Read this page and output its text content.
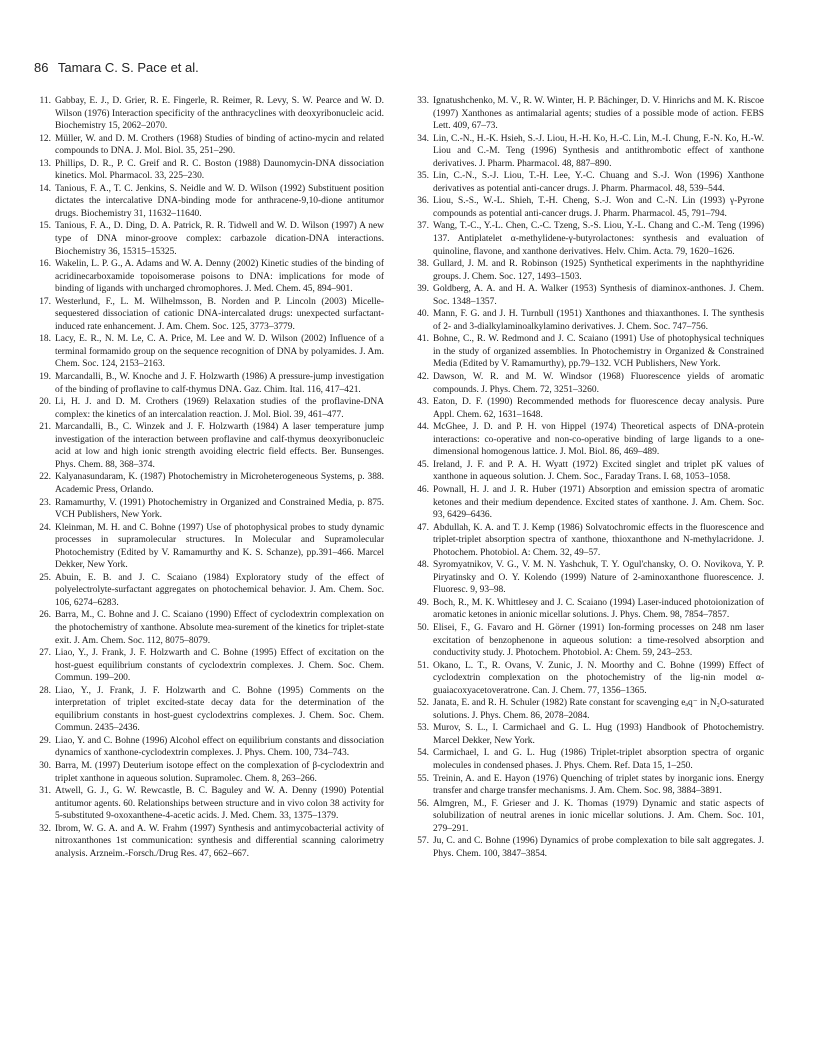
86 Tamara C. S. Pace et al.
11. Gabbay, E. J., D. Grier, R. E. Fingerle, R. Reimer, R. Levy, S. W. Pearce and W. D. Wilson (1976) Interaction specificity of the anthracyclines with deoxyribonucleic acid. Biochemistry 15, 2062–2070.
12. Müller, W. and D. M. Crothers (1968) Studies of binding of actino-mycin and related compounds to DNA. J. Mol. Biol. 35, 251–290.
13. Phillips, D. R., P. C. Greif and R. C. Boston (1988) Daunomycin-DNA dissociation kinetics. Mol. Pharmacol. 33, 225–230.
14. Tanious, F. A., T. C. Jenkins, S. Neidle and W. D. Wilson (1992) Substituent position dictates the intercalative DNA-binding mode for anthracene-9,10-dione antitumor drugs. Biochemistry 31, 11632–11640.
15. Tanious, F. A., D. Ding, D. A. Patrick, R. R. Tidwell and W. D. Wilson (1997) A new type of DNA minor-groove complex: carbazole dication-DNA interactions. Biochemistry 36, 15315–15325.
16. Wakelin, L. P. G., A. Adams and W. A. Denny (2002) Kinetic studies of the binding of acridinecarboxamide topoisomerase poisons to DNA: implications for mode of binding of ligands with uncharged chromophores. J. Med. Chem. 45, 894–901.
17. Westerlund, F., L. M. Wilhelmsson, B. Norden and P. Lincoln (2003) Micelle-sequestered dissociation of cationic DNA-intercalated drugs: unexpected surfactant-induced rate enhancement. J. Am. Chem. Soc. 125, 3773–3779.
18. Lacy, E. R., N. M. Le, C. A. Price, M. Lee and W. D. Wilson (2002) Influence of a terminal formamido group on the sequence recognition of DNA by polyamides. J. Am. Chem. Soc. 124, 2153–2163.
19. Marcandalli, B., W. Knoche and J. F. Holzwarth (1986) A pressure-jump investigation of the binding of proflavine to calf-thymus DNA. Gaz. Chim. Ital. 116, 417–421.
20. Li, H. J. and D. M. Crothers (1969) Relaxation studies of the proflavine-DNA complex: the kinetics of an intercalation reaction. J. Mol. Biol. 39, 461–477.
21. Marcandalli, B., C. Winzek and J. F. Holzwarth (1984) A laser temperature jump investigation of the interaction between proflavine and calf-thymus deoxyribonucleic acid at low and high ionic strength avoiding electric field effects. Ber. Bunsenges. Phys. Chem. 88, 368–374.
22. Kalyanasundaram, K. (1987) Photochemistry in Microheterogeneous Systems, p. 388. Academic Press, Orlando.
23. Ramamurthy, V. (1991) Photochemistry in Organized and Constrained Media, p. 875. VCH Publishers, New York.
24. Kleinman, M. H. and C. Bohne (1997) Use of photophysical probes to study dynamic processes in supramolecular structures. In Molecular and Supramolecular Photochemistry (Edited by V. Ramamurthy and K. S. Schanze), pp.391–466. Marcel Dekker, New York.
25. Abuin, E. B. and J. C. Scaiano (1984) Exploratory study of the effect of polyelectrolyte-surfactant aggregates on photochemical behavior. J. Am. Chem. Soc. 106, 6274–6283.
26. Barra, M., C. Bohne and J. C. Scaiano (1990) Effect of cyclodextrin complexation on the photochemistry of xanthone. Absolute mea-surement of the kinetics for triplet-state exit. J. Am. Chem. Soc. 112, 8075–8079.
27. Liao, Y., J. Frank, J. F. Holzwarth and C. Bohne (1995) Effect of excitation on the host-guest equilibrium constants of cyclodextrin complexes. J. Chem. Soc. Chem. Commun. 199–200.
28. Liao, Y., J. Frank, J. F. Holzwarth and C. Bohne (1995) Comments on the interpretation of triplet excited-state decay data for the determination of the equilibrium constants in host-guest cyclodextrins complexes. J. Chem. Soc. Chem. Commun. 2435–2436.
29. Liao, Y. and C. Bohne (1996) Alcohol effect on equilibrium constants and dissociation dynamics of xanthone-cyclodextrin complexes. J. Phys. Chem. 100, 734–743.
30. Barra, M. (1997) Deuterium isotope effect on the complexation of β-cyclodextrin and triplet xanthone in aqueous solution. Supramolec. Chem. 8, 263–266.
31. Atwell, G. J., G. W. Rewcastle, B. C. Baguley and W. A. Denny (1990) Potential antitumor agents. 60. Relationships between structure and in vivo colon 38 activity for 5-substituted 9-oxoxanthene-4-acetic acids. J. Med. Chem. 33, 1375–1379.
32. Ibrom, W. G. A. and A. W. Frahm (1997) Synthesis and antimycobacterial activity of nitroxanthones 1st communication: synthesis and differential scanning calorimetry analysis. Arzneim.-Forsch./Drug Res. 47, 662–667.
33. Ignatushchenko, M. V., R. W. Winter, H. P. Bächinger, D. V. Hinrichs and M. K. Riscoe (1997) Xanthones as antimalarial agents; studies of a possible mode of action. FEBS Lett. 409, 67–73.
34. Lin, C.-N., H.-K. Hsieh, S.-J. Liou, H.-H. Ko, H.-C. Lin, M.-I. Chung, F.-N. Ko, H.-W. Liou and C.-M. Teng (1996) Synthesis and antithrombotic effect of xanthone derivatives. J. Pharm. Pharmacol. 48, 887–890.
35. Lin, C.-N., S.-J. Liou, T.-H. Lee, Y.-C. Chuang and S.-J. Won (1996) Xanthone derivatives as potential anti-cancer drugs. J. Pharm. Pharmacol. 48, 539–544.
36. Liou, S.-S., W.-L. Shieh, T.-H. Cheng, S.-J. Won and C.-N. Lin (1993) γ-Pyrone compounds as potential anti-cancer drugs. J. Pharm. Pharmacol. 45, 791–794.
37. Wang, T.-C., Y.-L. Chen, C.-C. Tzeng, S.-S. Liou, Y.-L. Chang and C.-M. Teng (1996) 137. Antiplatelet α-methylidene-γ-butyrolactones: synthesis and evaluation of quinoline, flavone, and xanthone derivatives. Helv. Chim. Acta. 79, 1620–1626.
38. Gullard, J. M. and R. Robinson (1925) Synthetical experiments in the naphthyridine groups. J. Chem. Soc. 127, 1493–1503.
39. Goldberg, A. A. and H. A. Walker (1953) Synthesis of diaminox-anthones. J. Chem. Soc. 1348–1357.
40. Mann, F. G. and J. H. Turnbull (1951) Xanthones and thiaxanthones. I. The synthesis of 2- and 3-dialkylaminoalkylamino derivatives. J. Chem. Soc. 747–756.
41. Bohne, C., R. W. Redmond and J. C. Scaiano (1991) Use of photophysical techniques in the study of organized assemblies. In Photochemistry in Organized & Constrained Media (Edited by V. Ramamurthy), pp.79–132. VCH Publishers, New York.
42. Dawson, W. R. and M. W. Windsor (1968) Fluorescence yields of aromatic compounds. J. Phys. Chem. 72, 3251–3260.
43. Eaton, D. F. (1990) Recommended methods for fluorescence decay analysis. Pure Appl. Chem. 62, 1631–1648.
44. McGhee, J. D. and P. H. von Hippel (1974) Theoretical aspects of DNA-protein interactions: co-operative and non-co-operative binding of large ligands to a one-dimensional homogenous lattice. J. Mol. Biol. 86, 469–489.
45. Ireland, J. F. and P. A. H. Wyatt (1972) Excited singlet and triplet pK values of xanthone in aqueous solution. J. Chem. Soc., Faraday Trans. I. 68, 1053–1058.
46. Pownall, H. J. and J. R. Huber (1971) Absorption and emission spectra of aromatic ketones and their medium dependence. Excited states of xanthone. J. Am. Chem. Soc. 93, 6429–6436.
47. Abdullah, K. A. and T. J. Kemp (1986) Solvatochromic effects in the fluorescence and triplet-triplet absorption spectra of xanthone, thioxanthone and N-methylacridone. J. Photochem. Photobiol. A: Chem. 32, 49–57.
48. Syromyatnikov, V. G., V. M. N. Yashchuk, T. Y. Ogul'chansky, O. O. Novikova, Y. P. Piryatinsky and O. Y. Kolendo (1999) Nature of 2-aminoxanthone fluorescence. J. Fluoresc. 9, 93–98.
49. Boch, R., M. K. Whittlesey and J. C. Scaiano (1994) Laser-induced photoionization of aromatic ketones in anionic micellar solutions. J. Phys. Chem. 98, 7854–7857.
50. Elisei, F., G. Favaro and H. Görner (1991) Ion-forming processes on 248 nm laser excitation of benzophenone in aqueous solution: a time-resolved absorption and conductivity study. J. Photochem. Photobiol. A: Chem. 59, 243–253.
51. Okano, L. T., R. Ovans, V. Zunic, J. N. Moorthy and C. Bohne (1999) Effect of cyclodextrin complexation on the photochemistry of the lig-nin model α-guaiacoxyacetoveratrone. Can. J. Chem. 77, 1356–1365.
52. Janata, E. and R. H. Schuler (1982) Rate constant for scavenging eₐq⁻ in N₂O-saturated solutions. J. Phys. Chem. 86, 2078–2084.
53. Murov, S. L., I. Carmichael and G. L. Hug (1993) Handbook of Photochemistry. Marcel Dekker, New York.
54. Carmichael, I. and G. L. Hug (1986) Triplet-triplet absorption spectra of organic molecules in condensed phases. J. Phys. Chem. Ref. Data 15, 1–250.
55. Treinin, A. and E. Hayon (1976) Quenching of triplet states by inorganic ions. Energy transfer and charge transfer mechanisms. J. Am. Chem. Soc. 98, 3884–3891.
56. Almgren, M., F. Grieser and J. K. Thomas (1979) Dynamic and static aspects of solubilization of neutral arenes in ionic micellar solutions. J. Am. Chem. Soc. 101, 279–291.
57. Ju, C. and C. Bohne (1996) Dynamics of probe complexation to bile salt aggregates. J. Phys. Chem. 100, 3847–3854.
